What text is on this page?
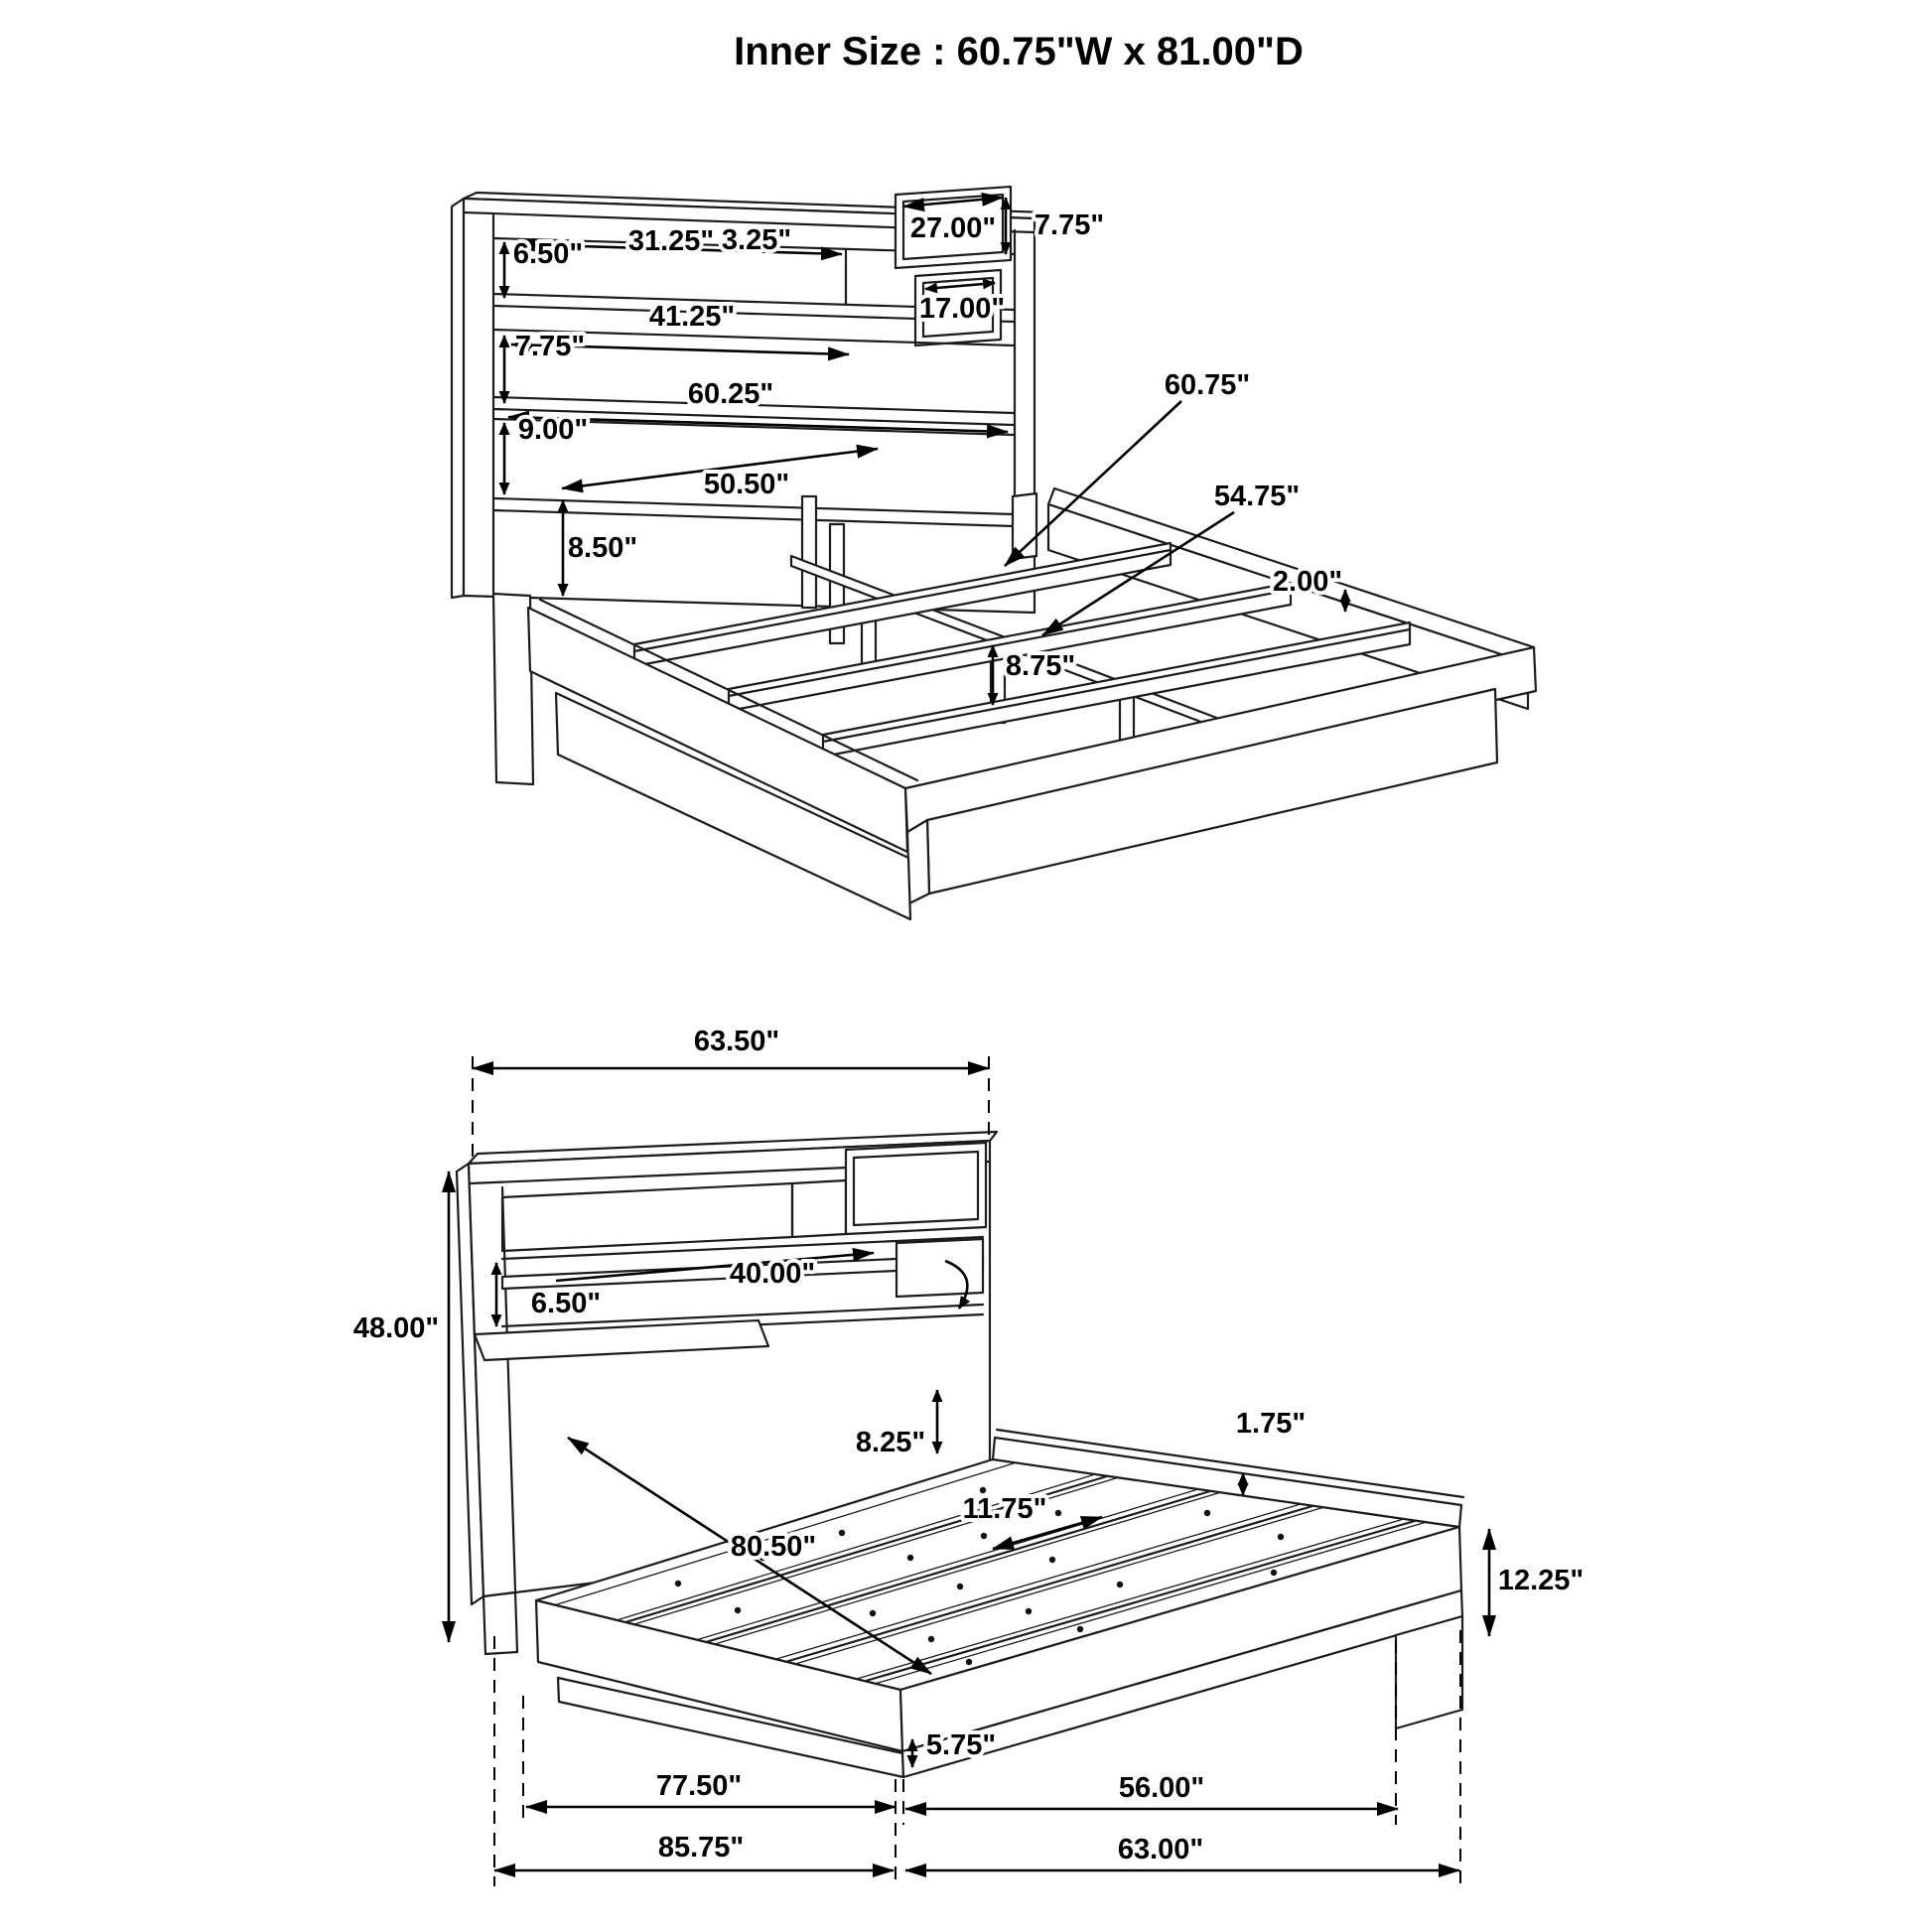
Inner Size : 60.75"W x 81.00"D
6.50" 31.25" 3.25"	27.00" 7.75"
41.25"	17.00"
7.75"
60.25"
9.00"
50.50"
8.50"
60.75"
54.75"
2.00"
8.75"
63.50"
48.00"
40.00"
6.50"
8.25"
1.75"
11.75"
80.50"
12.25"
5.75"
77.50"	56.00"
85.75"	63.00"
